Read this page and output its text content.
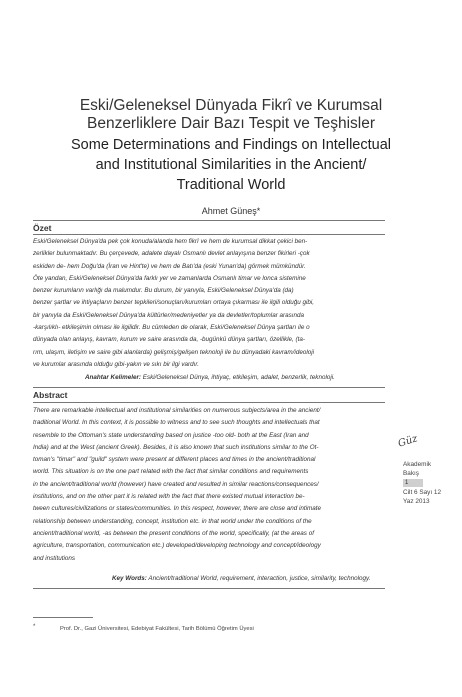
Eski/Geleneksel Dünyada Fikrî ve Kurumsal
Benzerliklere Dair Bazı Tespit ve Teşhisler
Some Determinations and Findings on Intellectual
and Institutional Similarities in the Ancient/
Traditional World
Ahmet Güneş*
Özet
Eski/Geleneksel Dünya'da pek çok konuda/alanda hem fikrî ve hem de kurumsal dikkat çekici ben-
zerlikler bulunmaktadır. Bu çerçevede, adalete dayalı Osmanlı devlet anlayışına benzer fikirleri -çok
eskiden de- hem Doğu'da (İran ve Hint'te) ve hem de Batı'da (eski Yunan'da) görmek mümkündür.
Öte yandan, Eski/Geleneksel Dünya'da farklı yer ve zamanlarda Osmanlı timar ve lonca sistemine
benzer kurumların varlığı da malumdur. Bu durum, bir yanıyla, Eski/Geleneksel Dünya'da (da)
benzer şartlar ve ihtiyaçların benzer tepkileri/sonuçları/kurumları ortaya çıkarması ile ilgili olduğu gibi,
bir yanıyla da Eski/Geleneksel Dünya'da kültürler/medeniyetler ya da devletler/toplumlar arasında
-karşılıklı- etkileşimin olması ile ilgilidir. Bu cümleden de olarak, Eski/Geleneksel Dünya şartları ile o
dünyada olan anlayış, kavram, kurum ve saire arasında da, -bugünkü dünya şartları, özellikle, (ta-
rım, ulaşım, iletişim ve saire gibi alanlarda) gelişmiş/gelişen teknoloji ile bu dünyadaki kavram/ideoloji
ve kurumlar arasında olduğu gibi-yakın ve sıkı bir ilgi vardır.
Anahtar Kelimeler: Eski/Geleneksel Dünya, ihtiyaç, etkileşim, adalet, benzerlik, teknoloji.
Abstract
There are remarkable intellectual and institutional similarities on numerous subjects/area in the ancient/
traditional World. In this context, it is possible to witness and to see such thoughts and intellectuals that
resemble to the Ottoman's state understanding based on justice -too old- both at the East (Iran and
India) and at the West (ancient Greek). Besides, it is also known that such institutions similar to the Ot-
toman's "timar" and "guild" system were present at different places and times in the ancient/traditional
world. This situation is on the one part related with the fact that similar conditions and requirements
in the ancient/traditional world (however) have created and resulted in similar reactions/consequences/
institutions, and on the other part it is related with the fact that there existed mutual interaction be-
tween cultures/civilizations or states/communities. In this respect, however, there are close and intimate
relationship between understanding, concept, institution etc. in that world under the conditions of the
ancient/traditional world, -as between the present conditions of the world, specifically, (at the areas of
agriculture, transportation, communication etc.) developed/developing technology and concept/ideology
and institutions
Key Words: Ancient/traditional World, requirement, interaction, justice, similarity, technology.
*	Prof. Dr., Gazi Üniversitesi, Edebiyat Fakültesi, Tarih Bölümü Öğretim Üyesi
Güz
Akademik
Bakış
1
Cilt 6 Sayı 12
Yaz 2013
